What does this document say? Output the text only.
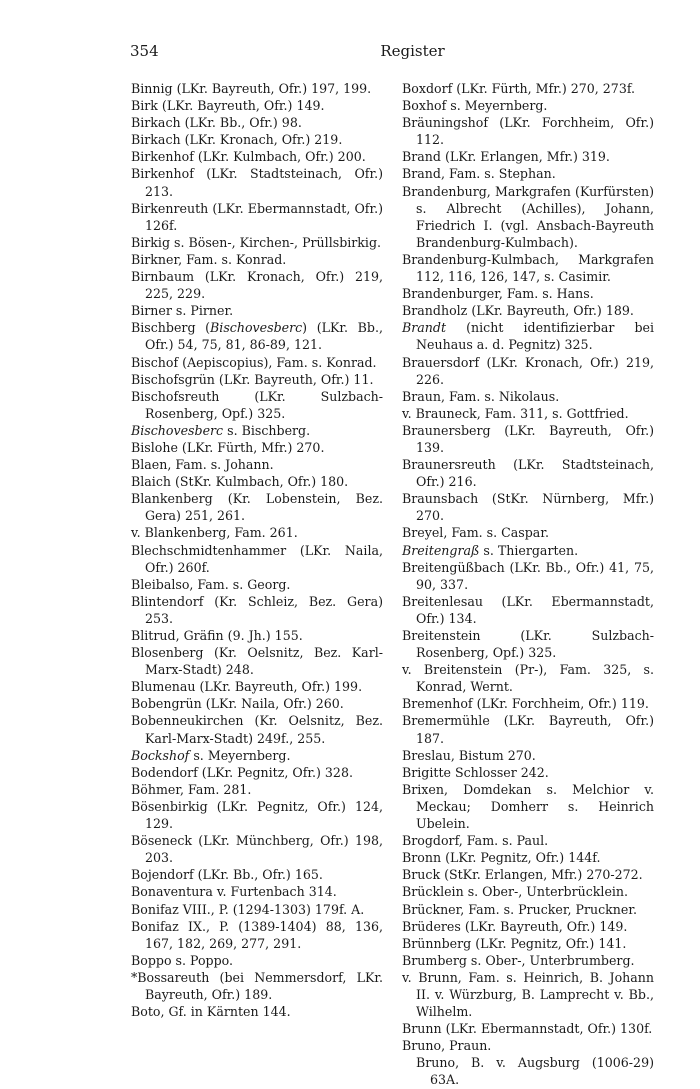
354	Register

Binnig (LKr. Bayreuth, Ofr.) 197, 199.

Birk (LKr. Bayreuth, Ofr.) 149.

Birkach (LKr. Bb., Ofr.) 98.

Birkach (LKr. Kronach, Ofr.) 219.

Birkenhof (LKr. Kulmbach, Ofr.) 200.

Birkenhof (LKr. Stadtsteinach, Ofr.) 213.

Birkenreuth (LKr. Ebermannstadt, Ofr.) 126f.

Birkig s. Bösen-, Kirchen-, Prüllsbirkig.

Birkner, Fam. s. Konrad.

Birnbaum (LKr. Kronach, Ofr.) 219, 225, 229.

Birner s. Pirner.

Bischberg (Bischovesberc) (LKr. Bb., Ofr.) 54, 75, 81, 86-89, 121.

Bischof (Aepiscopius), Fam. s. Konrad.

Bischofsgrün (LKr. Bayreuth, Ofr.) 11.

Bischofsreuth (LKr. Sulzbach-Rosenberg, Opf.) 325.

Bischovesberc s. Bischberg.

Bislohe (LKr. Fürth, Mfr.) 270.

Blaen, Fam. s. Johann.

Blaich (StKr. Kulmbach, Ofr.) 180.

Blankenberg (Kr. Lobenstein, Bez. Gera) 251, 261.

v. Blankenberg, Fam. 261.

Blechschmidtenhammer (LKr. Naila, Ofr.) 260f.

Bleibalso, Fam. s. Georg.

Blintendorf (Kr. Schleiz, Bez. Gera) 253.

Blitrud, Gräfin (9. Jh.) 155.

Blosenberg (Kr. Oelsnitz, Bez. Karl-Marx-Stadt) 248.

Blumenau (LKr. Bayreuth, Ofr.) 199.

Bobengrün (LKr. Naila, Ofr.) 260.

Bobenneukirchen (Kr. Oelsnitz, Bez. Karl-Marx-Stadt) 249f., 255.

Bockshof s. Meyernberg.

Bodendorf (LKr. Pegnitz, Ofr.) 328.

Böhmer, Fam. 281.

Bösenbirkig (LKr. Pegnitz, Ofr.) 124, 129.

Böseneck (LKr. Münchberg, Ofr.) 198, 203.

Bojendorf (LKr. Bb., Ofr.) 165.

Bonaventura v. Furtenbach 314.

Bonifaz VIII., P. (1294-1303) 179f. A.

Bonifaz IX., P. (1389-1404) 88, 136, 167, 182, 269, 277, 291.

Boppo s. Poppo.

*Bossareuth (bei Nemmersdorf, LKr. Bayreuth, Ofr.) 189.

Boto, Gf. in Kärnten 144.

Boxdorf (LKr. Fürth, Mfr.) 270, 273f.

Boxhof s. Meyernberg.

Bräuningshof (LKr. Forchheim, Ofr.) 112.

Brand (LKr. Erlangen, Mfr.) 319.

Brand, Fam. s. Stephan.

Brandenburg, Markgrafen (Kurfürsten) s. Albrecht (Achilles), Johann, Friedrich I. (vgl. Ansbach-Bayreuth Brandenburg-Kulmbach).

Brandenburg-Kulmbach, Markgrafen 112, 116, 126, 147, s. Casimir.

Brandenburger, Fam. s. Hans.

Brandholz (LKr. Bayreuth, Ofr.) 189.

Brandt (nicht identifizierbar bei Neuhaus a. d. Pegnitz) 325.

Brauersdorf (LKr. Kronach, Ofr.) 219, 226.

Braun, Fam. s. Nikolaus.

v. Brauneck, Fam. 311, s. Gottfried.

Braunersberg (LKr. Bayreuth, Ofr.) 139.

Braunersreuth (LKr. Stadtsteinach, Ofr.) 216.

Braunsbach (StKr. Nürnberg, Mfr.) 270.

Breyel, Fam. s. Caspar.

Breitengraß s. Thiergarten.

Breitengüßbach (LKr. Bb., Ofr.) 41, 75, 90, 337.

Breitenlesau (LKr. Ebermannstadt, Ofr.) 134.

Breitenstein (LKr. Sulzbach-Rosenberg, Opf.) 325.

v. Breitenstein (Pr-), Fam. 325, s. Konrad, Wernt.

Bremenhof (LKr. Forchheim, Ofr.) 119.

Bremermühle (LKr. Bayreuth, Ofr.) 187.

Breslau, Bistum 270.

Brigitte Schlosser 242.

Brixen, Domdekan s. Melchior v. Meckau; Domherr s. Heinrich Ubelein.

Brogdorf, Fam. s. Paul.

Bronn (LKr. Pegnitz, Ofr.) 144f.

Bruck (StKr. Erlangen, Mfr.) 270-272.

Brücklein s. Ober-, Unterbrücklein.

Brückner, Fam. s. Prucker, Pruckner.

Brüderes (LKr. Bayreuth, Ofr.) 149.

Brünnberg (LKr. Pegnitz, Ofr.) 141.

Brumberg s. Ober-, Unterbrumberg.

v. Brunn, Fam. s. Heinrich, B. Johann II. v. Würzburg, B. Lamprecht v. Bb., Wilhelm.

Brunn (LKr. Ebermannstadt, Ofr.) 130f.

Bruno, Praun.

Bruno, B. v. Augsburg (1006-29) 63A.
